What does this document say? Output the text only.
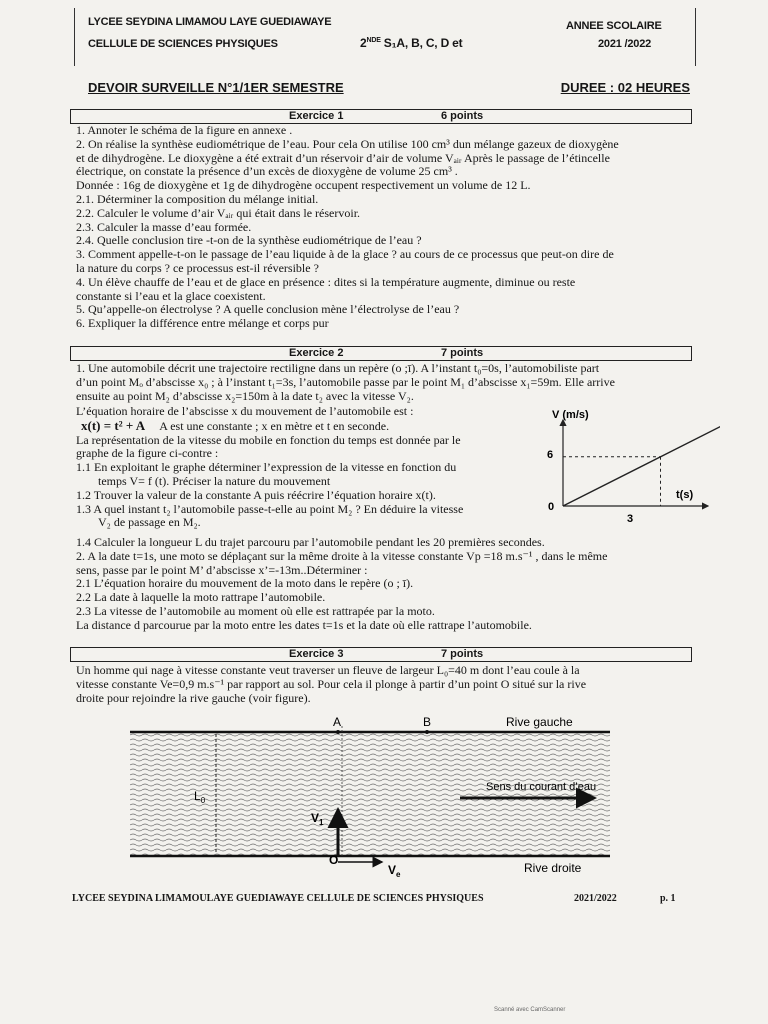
LYCEE SEYDINA LIMAMOU LAYE GUEDIAWAYE
CELLULE DE SCIENCES PHYSIQUES	2NDE S₁A, B, C, D et
ANNEE SCOLAIRE
2021 /2022
DEVOIR SURVEILLE N°1/1ER SEMESTRE	DUREE : 02 HEURES
Exercice 1	6 points
1. Annoter le schéma de la figure en annexe .
2. On réalise la synthèse eudiométrique de l’eau. Pour cela On utilise 100 cm³ dun mélange gazeux de dioxygène
et de dihydrogène. Le dioxygène a été extrait d’un réservoir d’air de volume Vₐᵢᵣ Après le passage de l’étincelle
électrique, on constate la présence d’un excès de dioxygène de volume 25 cm³ .
Donnée : 16g de dioxygène et 1g de dihydrogène occupent respectivement un volume de 12 L.
2.1. Déterminer la composition du mélange initial.
2.2. Calculer le volume d’air Vₐᵢᵣ qui était dans le réservoir.
2.3. Calculer la masse d’eau formée.
2.4. Quelle conclusion tire -t-on de la synthèse eudiométrique de l’eau ?
3. Comment appelle-t-on le passage de l’eau liquide à de la glace ? au cours de ce processus que peut-on dire de
la nature du corps ? ce processus est-il réversible ?
4. Un élève chauffe de l’eau et de glace en présence : dites si la température augmente, diminue ou reste
constante si l’eau et la glace coexistent.
5. Qu’appelle-on électrolyse ? A quelle conclusion mène l’électrolyse de l’eau ?
6. Expliquer la différence entre mélange et corps pur
Exercice 2	7 points
1. Une automobile décrit une trajectoire rectiligne dans un repère (o ;ī). A l’instant t₀=0s, l’automobiliste part
d’un point Mₒ d’abscisse x₀ ; à l’instant t₁=3s, l’automobile passe par le point M₁ d’abscisse x₁=59m. Elle arrive
ensuite au point M₂ d’abscisse x₂=150m à la date t₂ avec la vitesse V₂.
L’équation horaire de l’abscisse x du mouvement de l’automobile est :
x(t) = t² + A A est une constante ; x en mètre et t en seconde.
La représentation de la vitesse du mobile en fonction du temps est donnée par le
graphe de la figure ci-contre :
1.1 En exploitant le graphe déterminer l’expression de la vitesse en fonction du
temps V= f (t). Préciser la nature du mouvement
1.2 Trouver la valeur de la constante A puis réécrire l’équation horaire x(t).
1.3 A quel instant t₂ l’automobile passe-t-elle au point M₂ ? En déduire la vitesse
V₂ de passage en M₂.
V (m/s)
t(s)
0
6
3
1.4 Calculer la longueur L du trajet parcouru par l’automobile pendant les 20 premières secondes.
2. A la date t=1s, une moto se déplaçant sur la même droite à la vitesse constante Vp =18 m.s⁻¹ , dans le même
sens, passe par le point M’ d’abscisse x’=-13m..Déterminer :
2.1 L’équation horaire du mouvement de la moto dans le repère (o ; ī).
2.2 La date à laquelle la moto rattrape l’automobile.
2.3 La vitesse de l’automobile au moment où elle est rattrapée par la moto.
La distance d parcourue par la moto entre les dates t=1s et la date où elle rattrape l’automobile.
Exercice 3	7 points
Un homme qui nage à vitesse constante veut traverser un fleuve de largeur L₀=40 m dont l’eau coule à la
vitesse constante Ve=0,9 m.s⁻¹ par rapport au sol. Pour cela il plonge à partir d’un point O situé sur la rive
droite pour rejoindre la rive gauche (voir figure).
A	B
O
Rive gauche
Rive droite
Sens du courant d’eau
$L_0$
$V_1$
$V_e$
LYCEE SEYDINA LIMAMOULAYE GUEDIAWAYE CELLULE DE SCIENCES PHYSIQUES	2021/2022	p. 1
Scanné avec CamScanner
